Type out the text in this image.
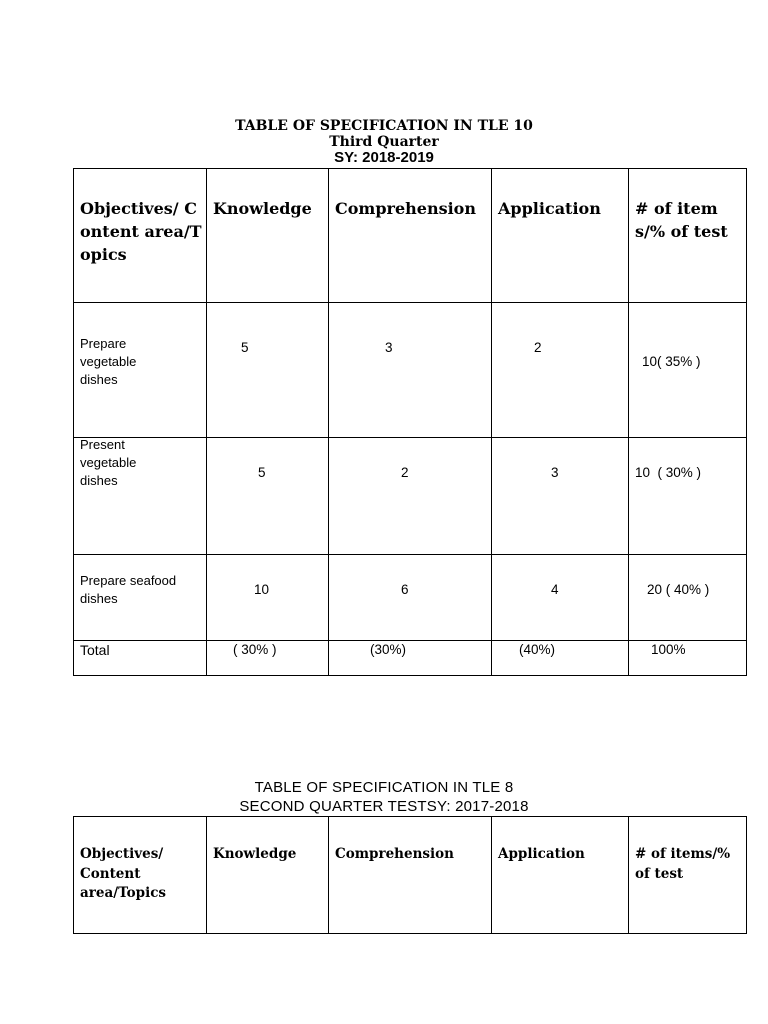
TABLE OF SPECIFICATION IN TLE 10
Third Quarter
SY: 2018-2019
Objectives/ Content area/Topics	Knowledge	Comprehension	Application	# of items/% of test

Prepare vegetable dishes	5	3	2	10( 35% )

Present vegetable dishes	5	2	3	10  ( 30% )

Prepare seafood dishes	10	6	4	20 ( 40% )

Total	( 30% )	(30%)	(40%)	100%
TABLE OF SPECIFICATION IN TLE 8
SECOND QUARTER TESTSY: 2017-2018
Objectives/ Content area/Topics	Knowledge	Comprehension	Application	# of items/% of test
